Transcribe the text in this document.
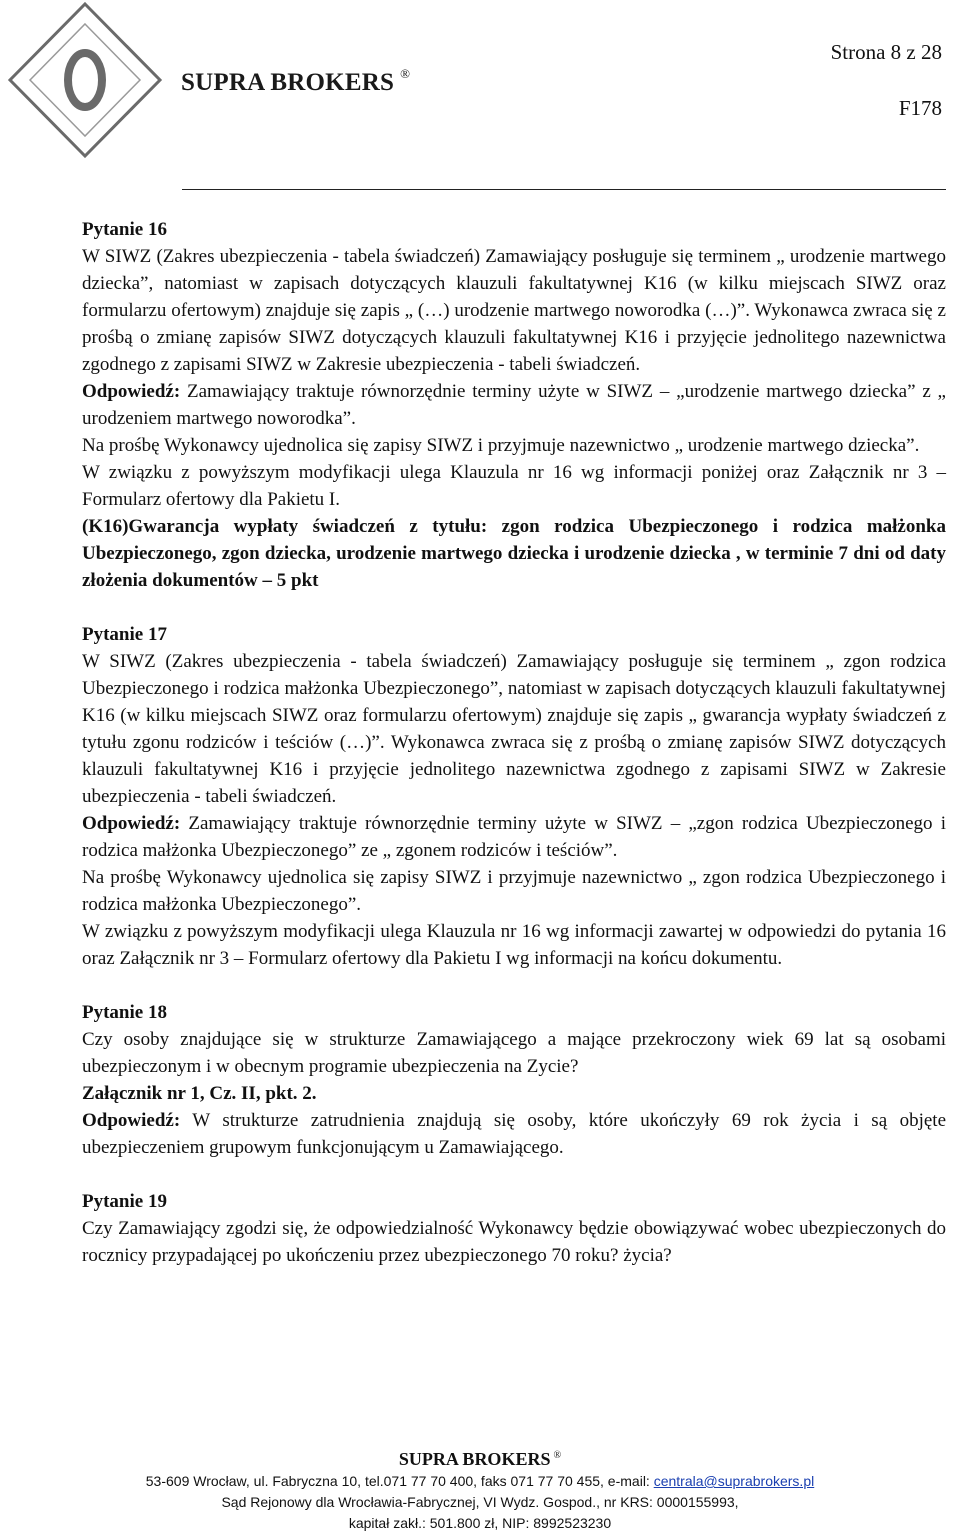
SUPRA BROKERS ®
Strona 8 z 28
F178

Pytanie 16

W SIWZ (Zakres ubezpieczenia - tabela świadczeń) Zamawiający posługuje się terminem „ urodzenie martwego dziecka”, natomiast w zapisach dotyczących klauzuli fakultatywnej K16 (w kilku miejscach SIWZ oraz formularzu ofertowym) znajduje się zapis „ (…) urodzenie martwego noworodka (…)”. Wykonawca zwraca się z prośbą o zmianę zapisów SIWZ dotyczących klauzuli fakultatywnej K16 i przyjęcie jednolitego nazewnictwa zgodnego z zapisami SIWZ w Zakresie ubezpieczenia - tabeli świadczeń.

Odpowiedź: Zamawiający traktuje równorzędnie terminy użyte w SIWZ – „urodzenie martwego dziecka” z „ urodzeniem martwego noworodka”.

Na prośbę Wykonawcy ujednolica się zapisy SIWZ i przyjmuje nazewnictwo „ urodzenie martwego dziecka”.

W związku z powyższym modyfikacji ulega Klauzula nr 16 wg informacji poniżej oraz Załącznik nr 3 – Formularz ofertowy dla Pakietu I.

(K16)Gwarancja wypłaty świadczeń z tytułu: zgon rodzica Ubezpieczonego i rodzica małżonka Ubezpieczonego, zgon dziecka, urodzenie martwego dziecka i urodzenie dziecka , w terminie 7 dni od daty złożenia dokumentów – 5 pkt

Pytanie 17

W SIWZ (Zakres ubezpieczenia - tabela świadczeń) Zamawiający posługuje się terminem „ zgon rodzica Ubezpieczonego i rodzica małżonka Ubezpieczonego”, natomiast w zapisach dotyczących klauzuli fakultatywnej K16 (w kilku miejscach SIWZ oraz formularzu ofertowym) znajduje się zapis „ gwarancja wypłaty świadczeń z tytułu zgonu rodziców i teściów (…)”. Wykonawca zwraca się z prośbą o zmianę zapisów SIWZ dotyczących klauzuli fakultatywnej K16 i przyjęcie jednolitego nazewnictwa zgodnego z zapisami SIWZ w Zakresie ubezpieczenia - tabeli świadczeń.

Odpowiedź: Zamawiający traktuje równorzędnie terminy użyte w SIWZ – „zgon rodzica Ubezpieczonego i rodzica małżonka Ubezpieczonego” ze „ zgonem rodziców i teściów”.

Na prośbę Wykonawcy ujednolica się zapisy SIWZ i przyjmuje nazewnictwo „ zgon rodzica Ubezpieczonego i rodzica małżonka Ubezpieczonego”.

W związku z powyższym modyfikacji ulega Klauzula nr 16 wg informacji zawartej w odpowiedzi do pytania 16 oraz Załącznik nr 3 – Formularz ofertowy dla Pakietu I wg informacji na końcu dokumentu.

Pytanie 18

Czy osoby znajdujące się w strukturze Zamawiającego a mające przekroczony wiek 69 lat są osobami ubezpieczonym i w obecnym programie ubezpieczenia na Zycie?

Załącznik nr 1, Cz. II, pkt. 2.

Odpowiedź: W strukturze zatrudnienia znajdują się osoby, które ukończyły 69 rok życia i są objęte ubezpieczeniem grupowym funkcjonującym u Zamawiającego.

Pytanie 19

Czy Zamawiający zgodzi się, że odpowiedzialność Wykonawcy będzie obowiązywać wobec ubezpieczonych do rocznicy przypadającej po ukończeniu przez ubezpieczonego 70 roku? życia?

SUPRA BROKERS ®
53-609 Wrocław, ul. Fabryczna 10, tel.071 77 70 400, faks 071 77 70 455, e-mail: centrala@suprabrokers.pl
Sąd Rejonowy dla Wrocławia-Fabrycznej, VI Wydz. Gospod., nr KRS: 0000155993,
kapitał zakł.: 501.800 zł, NIP: 8992523230
